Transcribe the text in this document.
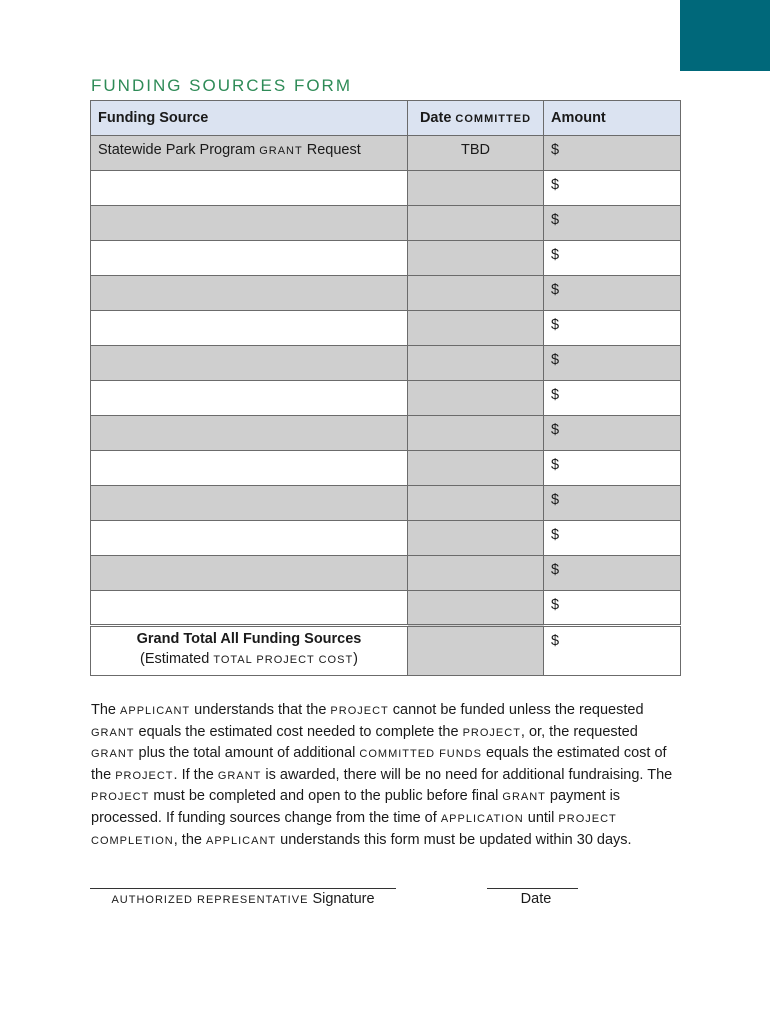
FUNDING SOURCES FORM
Funding Source	Date COMMITTED	Amount
Statewide Park Program GRANT Request	TBD	$
		$
		$
		$
		$
		$
		$
		$
		$
		$
		$
		$
		$
		$

Grand Total All Funding Sources
(Estimated TOTAL PROJECT COST)		$

The APPLICANT understands that the PROJECT cannot be funded unless the requested GRANT equals the estimated cost needed to complete the PROJECT, or, the requested GRANT plus the total amount of additional COMMITTED FUNDS equals the estimated cost of the PROJECT. If the GRANT is awarded, there will be no need for additional fundraising. The PROJECT must be completed and open to the public before final GRANT payment is processed. If funding sources change from the time of APPLICATION until PROJECT COMPLETION, the APPLICANT understands this form must be updated within 30 days.

AUTHORIZED REPRESENTATIVE Signature	Date
